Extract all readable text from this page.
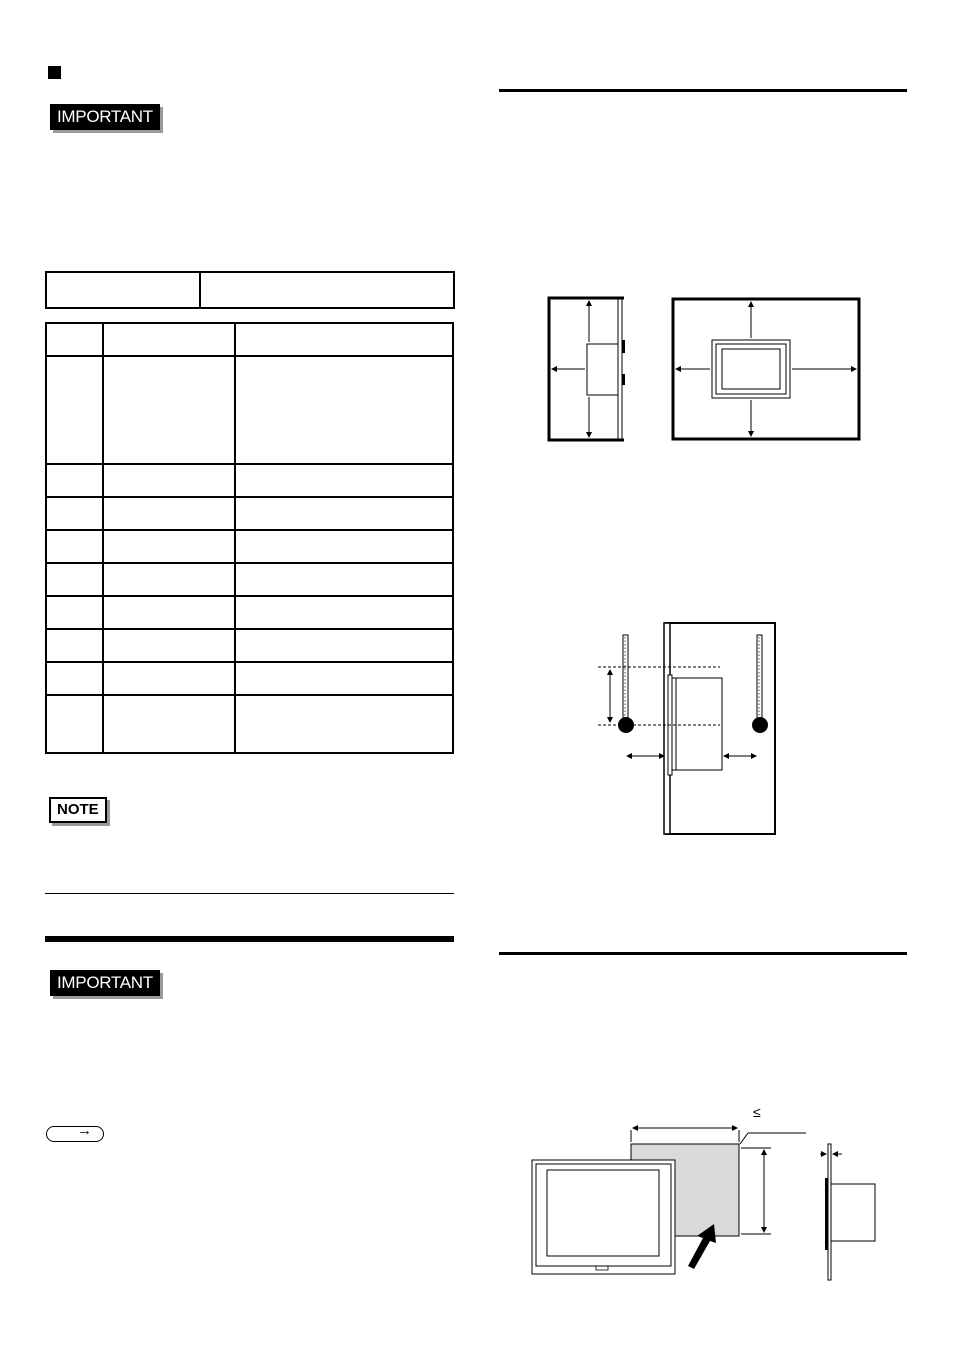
IMPORTANT

NOTE
IMPORTANT
→
≤
